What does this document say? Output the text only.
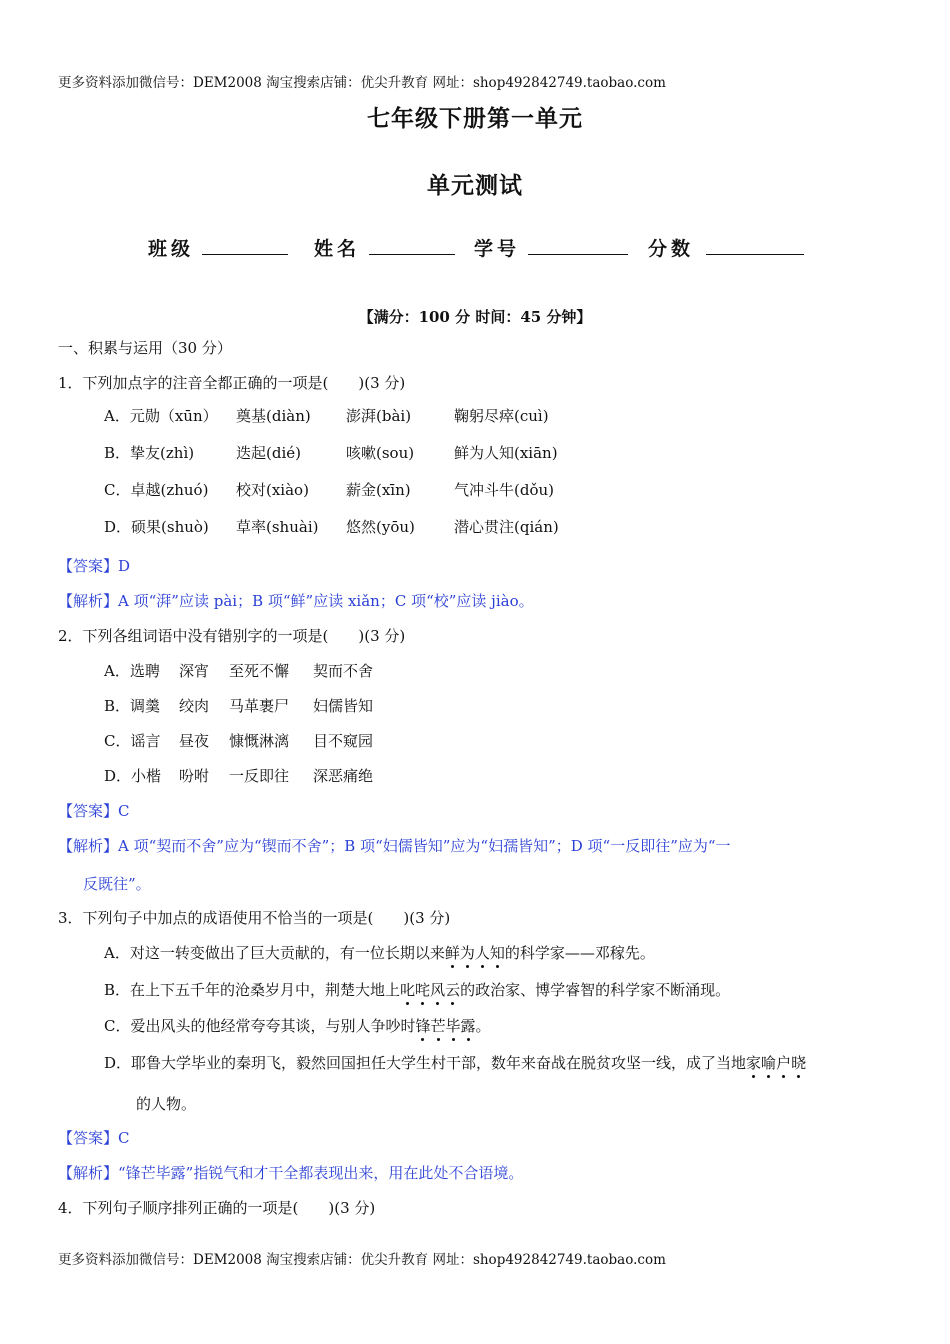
更多资料添加微信号：DEM2008 淘宝搜索店铺：优尖升教育 网址：shop492842749.taobao.com
七年级下册第一单元
单元测试
班级	姓名	学号	分数
【满分：100 分 时间：45 分钟】
一、积累与运用（30 分）
1．下列加点字的注音全都正确的一项是(　　)(3 分)
A．元勋（xūn） 奠基(diàn) 澎湃(bài)	鞠躬尽瘁(cuì)
B．挚友(zhì)	迭起(dié)	咳嗽(sou)	鲜为人知(xiān)
C．卓越(zhuó) 校对(xiào) 薪金(xīn)	气冲斗牛(dǒu)
D．硕果(shuò) 草率(shuài) 悠然(yōu)	潜心贯注(qián)
【答案】D
【解析】A 项“湃”应读 pài；B 项“鲜”应读 xiǎn；C 项“校”应读 jiào。
2．下列各组词语中没有错别字的一项是(　　)(3 分)
A．选聘 深宵 至死不懈 契而不舍
B．调羹 绞肉 马革裹尸 妇儒皆知
C．谣言 昼夜 慷慨淋漓 目不窥园
D．小楷 吩咐 一反即往 深恶痛绝
【答案】C
【解析】A 项“契而不舍”应为“锲而不舍”；B 项“妇儒皆知”应为“妇孺皆知”；D 项“一反即往”应为“一
反既往”。
3．下列句子中加点的成语使用不恰当的一项是(　　)(3 分)
A．对这一转变做出了巨大贡献的，有一位长期以来鲜为人知的科学家——邓稼先。
B．在上下五千年的沧桑岁月中，荆楚大地上叱咤风云的政治家、博学睿智的科学家不断涌现。
C．爱出风头的他经常夸夸其谈，与别人争吵时锋芒毕露。
D．耶鲁大学毕业的秦玥飞，毅然回国担任大学生村干部，数年来奋战在脱贫攻坚一线，成了当地家喻户晓
的人物。
【答案】C
【解析】“锋芒毕露”指锐气和才干全都表现出来，用在此处不合语境。
4．下列句子顺序排列正确的一项是(　　)(3 分)
更多资料添加微信号：DEM2008 淘宝搜索店铺：优尖升教育 网址：shop492842749.taobao.com
